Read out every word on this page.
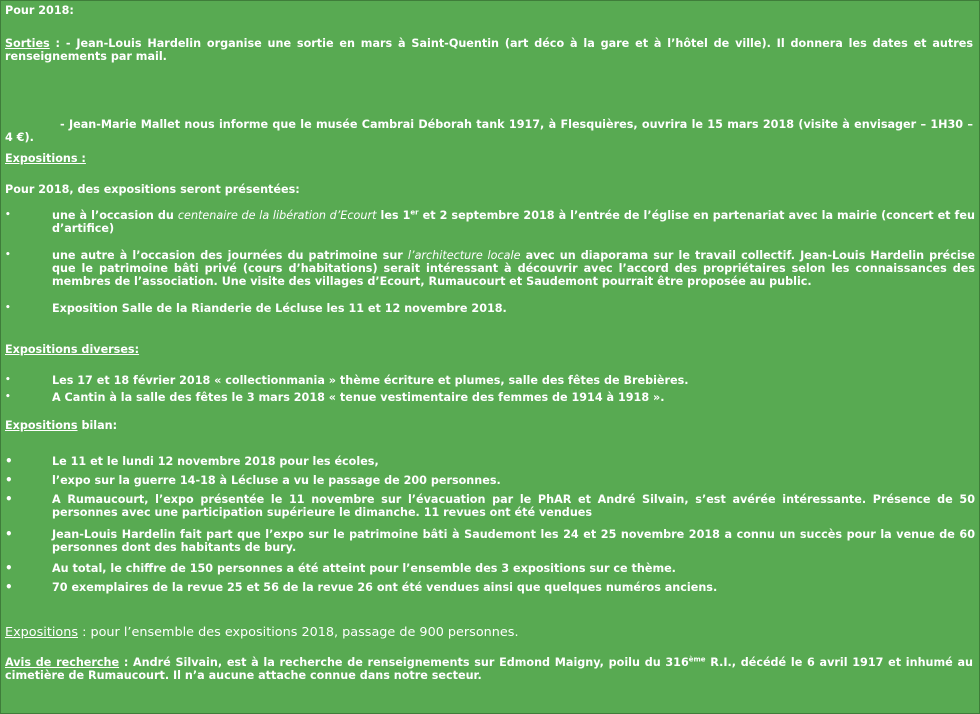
Pour 2018:

Sorties : - Jean-Louis Hardelin organise une sortie en mars à Saint-Quentin (art déco à la gare et à l’hôtel de ville). Il donnera les dates et autres renseignements par mail.

- Jean-Marie Mallet nous informe que le musée Cambrai Déborah tank 1917, à Flesquières, ouvrira le 15 mars 2018 (visite à envisager – 1H30 – 4 €).

Expositions :

Pour 2018, des expositions seront présentées:

•	une à l’occasion du centenaire de la libération d’Ecourt les 1er et 2 septembre 2018 à l’entrée de l’église en partenariat avec la mairie (concert et feu d’artifice)

•	une autre à l’occasion des journées du patrimoine sur l’architecture locale avec un diaporama sur le travail collectif. Jean-Louis Hardelin précise que le patrimoine bâti privé (cours d’habitations) serait intéressant à découvrir avec l’accord des propriétaires selon les connaissances des membres de l’association. Une visite des villages d’Ecourt, Rumaucourt et Saudemont pourrait être proposée au public.

•	Exposition Salle de la Rianderie de Lécluse les 11 et 12 novembre 2018.

Expositions diverses:

•	Les 17 et 18 février 2018 « collectionmania » thème écriture et plumes, salle des fêtes de Brebières.

•	A Cantin à la salle des fêtes le 3 mars 2018 « tenue vestimentaire des femmes de 1914 à 1918 ».

Expositions bilan:

•	Le 11 et le lundi 12 novembre 2018 pour les écoles,

•	l’expo sur la guerre 14-18 à Lécluse a vu le passage de 200 personnes.

•	A Rumaucourt, l’expo présentée le 11 novembre sur l’évacuation par le PhAR et André Silvain, s’est avérée intéressante. Présence de 50 personnes avec une participation supérieure le dimanche. 11 revues ont été vendues

•	Jean-Louis Hardelin fait part que l’expo sur le patrimoine bâti à Saudemont les 24 et 25 novembre 2018 a connu un succès pour la venue de 60 personnes dont des habitants de bury.

•	Au total, le chiffre de 150 personnes a été atteint pour l’ensemble des 3 expositions sur ce thème.

•	70 exemplaires de la revue 25 et 56 de la revue 26 ont été vendues ainsi que quelques numéros anciens.

Expositions : pour l’ensemble des expositions 2018, passage de 900 personnes.

Avis de recherche : André Silvain, est à la recherche de renseignements sur Edmond Maigny, poilu du 316ème R.I., décédé le 6 avril 1917 et inhumé au cimetière de Rumaucourt. Il n’a aucune attache connue dans notre secteur.
